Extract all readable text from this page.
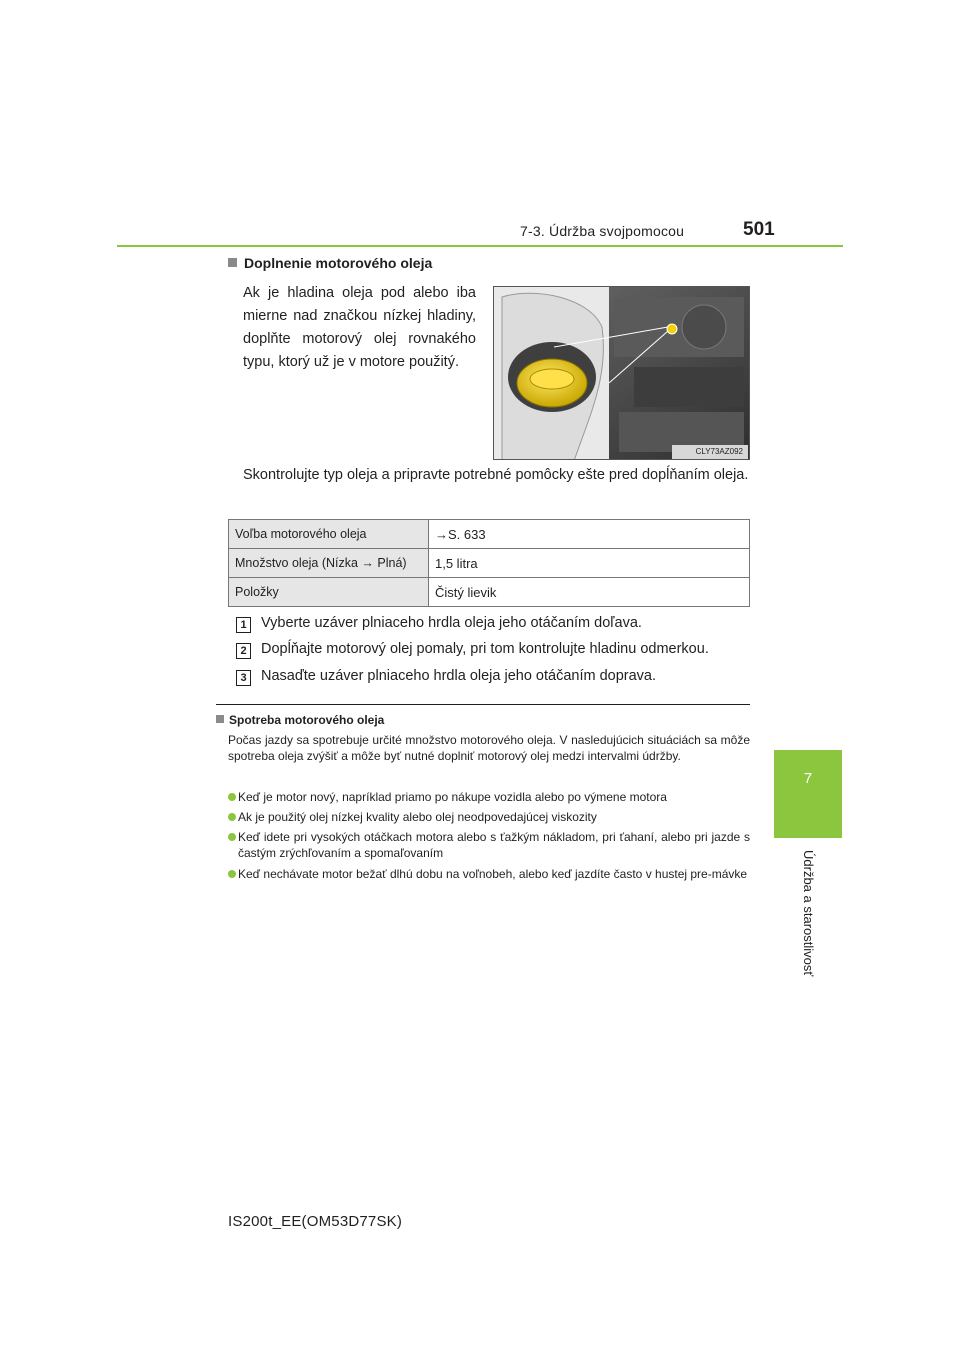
7-3. Údržba svojpomocou	501
7
Údržba a starostlivosť
Doplnenie motorového oleja
Ak je hladina oleja pod alebo iba mierne nad značkou nízkej hladiny, doplňte motorový olej rovnakého typu, ktorý už je v motore použitý.
CLY73AZ092
Skontrolujte typ oleja a pripravte potrebné pomôcky ešte pred dopĺňaním oleja.
Voľba motorového oleja	→S. 633
Množstvo oleja (Nízka → Plná)	1,5 litra
Položky	Čistý lievik
1 Vyberte uzáver plniaceho hrdla oleja jeho otáčaním doľava.
2 Dopĺňajte motorový olej pomaly, pri tom kontrolujte hladinu odmerkou.
3 Nasaďte uzáver plniaceho hrdla oleja jeho otáčaním doprava.
Spotreba motorového oleja
Počas jazdy sa spotrebuje určité množstvo motorového oleja. V nasledujúcich situáciách sa môže spotreba oleja zvýšiť a môže byť nutné doplniť motorový olej medzi intervalmi údržby.
Keď je motor nový, napríklad priamo po nákupe vozidla alebo po výmene motora
Ak je použitý olej nízkej kvality alebo olej neodpovedajúcej viskozity
Keď idete pri vysokých otáčkach motora alebo s ťažkým nákladom, pri ťahaní, alebo pri jazde s častým zrýchľovaním a spomaľovaním
Keď nechávate motor bežať dlhú dobu na voľnobeh, alebo keď jazdíte často v hustej pre-mávke
IS200t_EE(OM53D77SK)
